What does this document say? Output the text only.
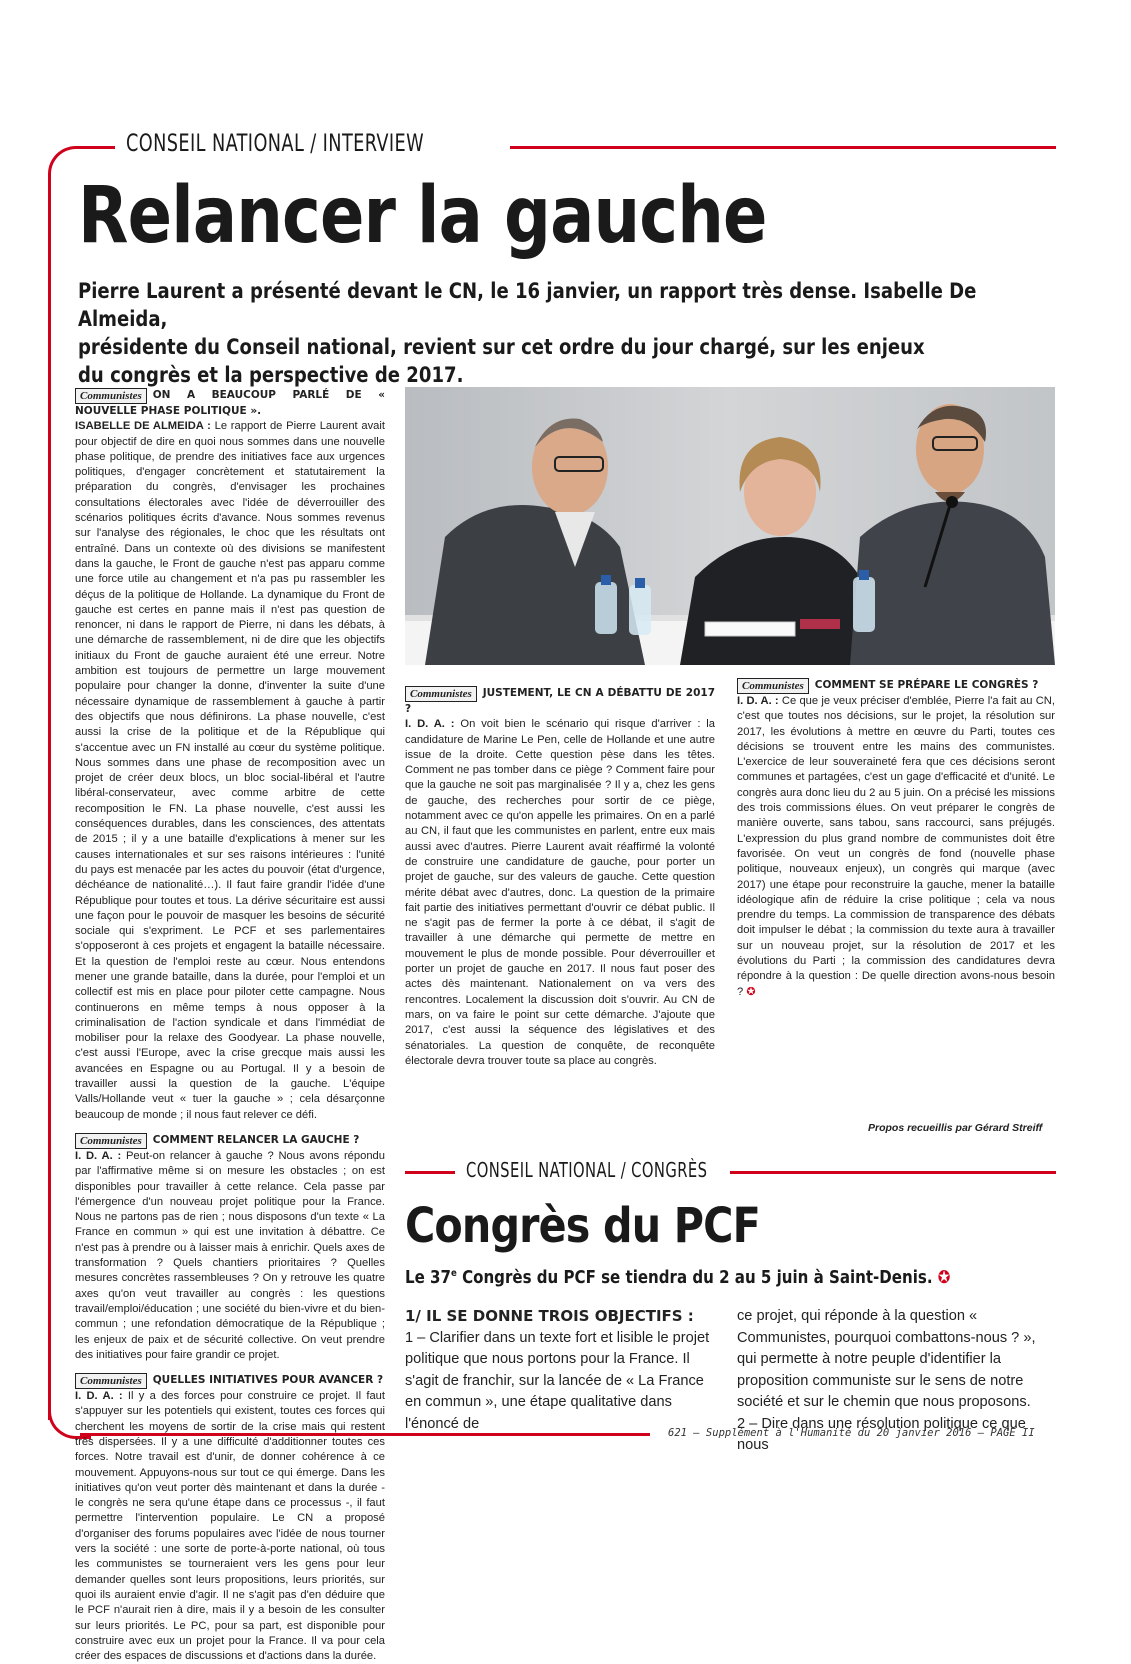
CONSEIL NATIONAL / INTERVIEW
Relancer la gauche
Pierre Laurent a présenté devant le CN, le 16 janvier, un rapport très dense. Isabelle De Almeida,
présidente du Conseil national, revient sur cet ordre du jour chargé, sur les enjeux
du congrès et la perspective de 2017.

Communistes ON A BEAUCOUP PARLÉ DE « NOUVELLE PHASE POLITIQUE ».

ISABELLE DE ALMEIDA : Le rapport de Pierre Laurent avait pour objectif de dire en quoi nous sommes dans une nouvelle phase politique, de prendre des initiatives face aux urgences politiques, d'engager concrètement et statutairement la préparation du congrès, d'envisager les prochaines consultations électorales avec l'idée de déverrouiller des scénarios politiques écrits d'avance. Nous sommes revenus sur l'analyse des régionales, le choc que les résultats ont entraîné. Dans un contexte où des divisions se manifestent dans la gauche, le Front de gauche n'est pas apparu comme une force utile au changement et n'a pas pu rassembler les déçus de la politique de Hollande. La dynamique du Front de gauche est certes en panne mais il n'est pas question de renoncer, ni dans le rapport de Pierre, ni dans les débats, à une démarche de rassemblement, ni de dire que les objectifs initiaux du Front de gauche auraient été une erreur. Notre ambition est toujours de permettre un large mouvement populaire pour changer la donne, d'inventer la suite d'une nécessaire dynamique de rassemblement à gauche à partir des objectifs que nous définirons. La phase nouvelle, c'est aussi la crise de la politique et de la République qui s'accentue avec un FN installé au cœur du système politique. Nous sommes dans une phase de recomposition avec un projet de créer deux blocs, un bloc social-libéral et l'autre libéral-conservateur, avec comme arbitre de cette recomposition le FN. La phase nouvelle, c'est aussi les conséquences durables, dans les consciences, des attentats de 2015 ; il y a une bataille d'explications à mener sur les causes internationales et sur ses raisons intérieures : l'unité du pays est menacée par les actes du pouvoir (état d'urgence, déchéance de nationalité…). Il faut faire grandir l'idée d'une République pour toutes et tous. La dérive sécuritaire est aussi une façon pour le pouvoir de masquer les besoins de sécurité sociale qui s'expriment. Le PCF et ses parlementaires s'opposeront à ces projets et engagent la bataille nécessaire. Et la question de l'emploi reste au cœur. Nous entendons mener une grande bataille, dans la durée, pour l'emploi et un collectif est mis en place pour piloter cette campagne. Nous continuerons en même temps à nous opposer à la criminalisation de l'action syndicale et dans l'immédiat de mobiliser pour la relaxe des Goodyear. La phase nouvelle, c'est aussi l'Europe, avec la crise grecque mais aussi les avancées en Espagne ou au Portugal. Il y a besoin de travailler aussi la question de la gauche. L'équipe Valls/Hollande veut « tuer la gauche » ; cela désarçonne beaucoup de monde ; il nous faut relever ce défi.

Communistes COMMENT RELANCER LA GAUCHE ?

I. D. A. : Peut-on relancer à gauche ? Nous avons répondu par l'affirmative même si on mesure les obstacles ; on est disponibles pour travailler à cette relance. Cela passe par l'émergence d'un nouveau projet politique pour la France. Nous ne partons pas de rien ; nous disposons d'un texte « La France en commun » qui est une invitation à débattre. Ce n'est pas à prendre ou à laisser mais à enrichir. Quels axes de transformation ? Quels chantiers prioritaires ? Quelles mesures concrètes rassembleuses ? On y retrouve les quatre axes qu'on veut travailler au congrès : les questions travail/emploi/éducation ; une société du bien-vivre et du bien-commun ; une refondation démocratique de la République ; les enjeux de paix et de sécurité collective. On veut prendre des initiatives pour faire grandir ce projet.

Communistes QUELLES INITIATIVES POUR AVANCER ?

I. D. A. : Il y a des forces pour construire ce projet. Il faut s'appuyer sur les potentiels qui existent, toutes ces forces qui cherchent les moyens de sortir de la crise mais qui restent très dispersées. Il y a une difficulté d'additionner toutes ces forces. Notre travail est d'unir, de donner cohérence à ce mouvement. Appuyons-nous sur tout ce qui émerge. Dans les initiatives qu'on veut porter dès maintenant et dans la durée - le congrès ne sera qu'une étape dans ce processus -, il faut permettre l'intervention populaire. Le CN a proposé d'organiser des forums populaires avec l'idée de nous tourner vers la société : une sorte de porte-à-porte national, où tous les communistes se tourneraient vers les gens pour leur demander quelles sont leurs propositions, leurs priorités, sur quoi ils auraient envie d'agir. Il ne s'agit pas d'en déduire que le PCF n'aurait rien à dire, mais il y a besoin de les consulter sur leurs priorités. Le PC, pour sa part, est disponible pour construire avec eux un projet pour la France. Il va pour cela créer des espaces de discussions et d'actions dans la durée.

Communistes JUSTEMENT, LE CN A DÉBATTU DE 2017 ?

I. D. A. : On voit bien le scénario qui risque d'arriver : la candidature de Marine Le Pen, celle de Hollande et une autre issue de la droite. Cette question pèse dans les têtes. Comment ne pas tomber dans ce piège ? Comment faire pour que la gauche ne soit pas marginalisée ? Il y a, chez les gens de gauche, des recherches pour sortir de ce piège, notamment avec ce qu'on appelle les primaires. On en a parlé au CN, il faut que les communistes en parlent, entre eux mais aussi avec d'autres. Pierre Laurent avait réaffirmé la volonté de construire une candidature de gauche, pour porter un projet de gauche, sur des valeurs de gauche. Cette question mérite débat avec d'autres, donc. La question de la primaire fait partie des initiatives permettant d'ouvrir ce débat public. Il ne s'agit pas de fermer la porte à ce débat, il s'agit de travailler à une démarche qui permette de mettre en mouvement le plus de monde possible. Pour déverrouiller et porter un projet de gauche en 2017. Il nous faut poser des actes dès maintenant. Nationalement on va vers des rencontres. Localement la discussion doit s'ouvrir. Au CN de mars, on va faire le point sur cette démarche. J'ajoute que 2017, c'est aussi la séquence des législatives et des sénatoriales. La question de conquête, de reconquête électorale devra trouver toute sa place au congrès.

Communistes COMMENT SE PRÉPARE LE CONGRÈS ?

I. D. A. : Ce que je veux préciser d'emblée, Pierre l'a fait au CN, c'est que toutes nos décisions, sur le projet, la résolution sur 2017, les évolutions à mettre en œuvre du Parti, toutes ces décisions se trouvent entre les mains des communistes. L'exercice de leur souveraineté fera que ces décisions seront communes et partagées, c'est un gage d'efficacité et d'unité. Le congrès aura donc lieu du 2 au 5 juin. On a précisé les missions des trois commissions élues. On veut préparer le congrès de manière ouverte, sans tabou, sans raccourci, sans préjugés. L'expression du plus grand nombre de communistes doit être favorisée. On veut un congrès de fond (nouvelle phase politique, nouveaux enjeux), un congrès qui marque (avec 2017) une étape pour reconstruire la gauche, mener la bataille idéologique afin de réduire la crise politique ; cela va nous prendre du temps. La commission de transparence des débats doit impulser le débat ; la commission du texte aura à travailler sur un nouveau projet, sur la résolution de 2017 et les évolutions du Parti ; la commission des candidatures devra répondre à la question : De quelle direction avons-nous besoin ? ✪

Propos recueillis par Gérard Streiff
CONSEIL NATIONAL / CONGRÈS
Congrès du PCF
Le 37e Congrès du PCF se tiendra du 2 au 5 juin à Saint-Denis. ✪

1/ IL SE DONNE TROIS OBJECTIFS :

1 – Clarifier dans un texte fort et lisible le projet politique que nous portons pour la France. Il s'agit de franchir, sur la lancée de « La France en commun », une étape qualitative dans l'énoncé de

ce projet, qui réponde à la question « Communistes, pourquoi combattons-nous ? », qui permette à notre peuple d'identifier la proposition communiste sur le sens de notre société et sur le chemin que nous proposons.

2 – Dire dans une résolution politique ce que nous

621 – Supplément à l'Humanité du 20 janvier 2016 – PAGE II
